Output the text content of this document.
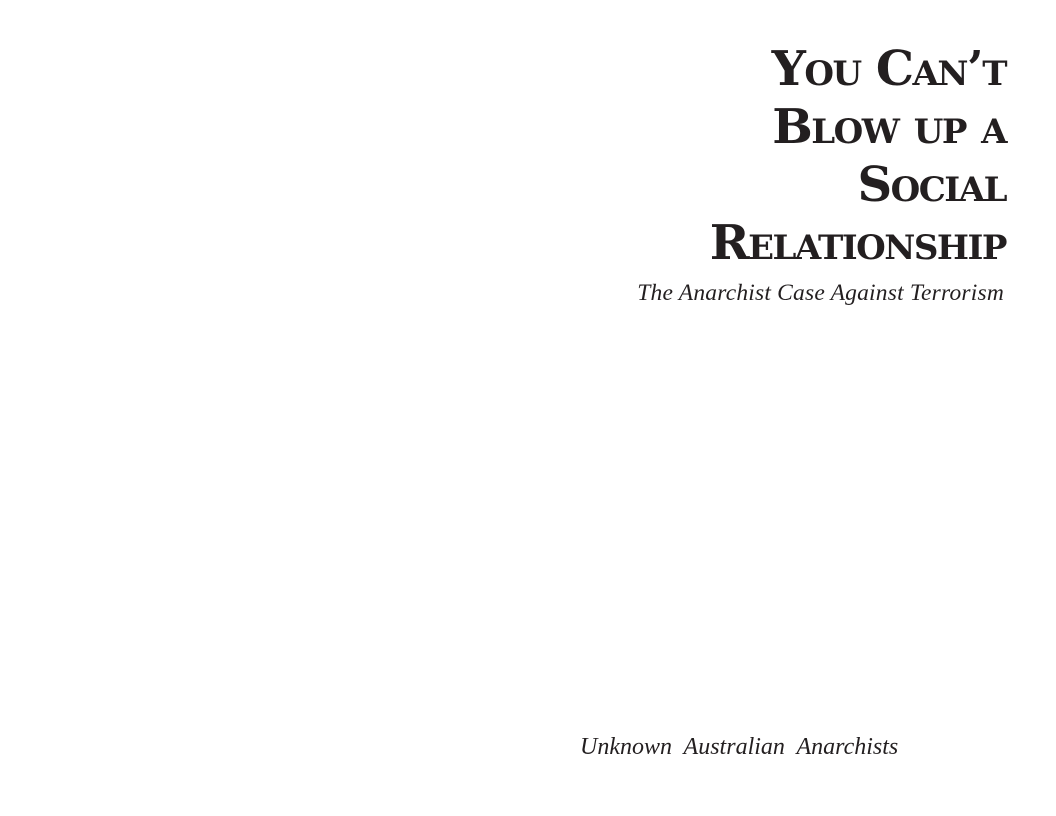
You Can’t
Blow up a
Social
Relationship
The Anarchist Case Against Terrorism
Unknown Australian Anarchists
